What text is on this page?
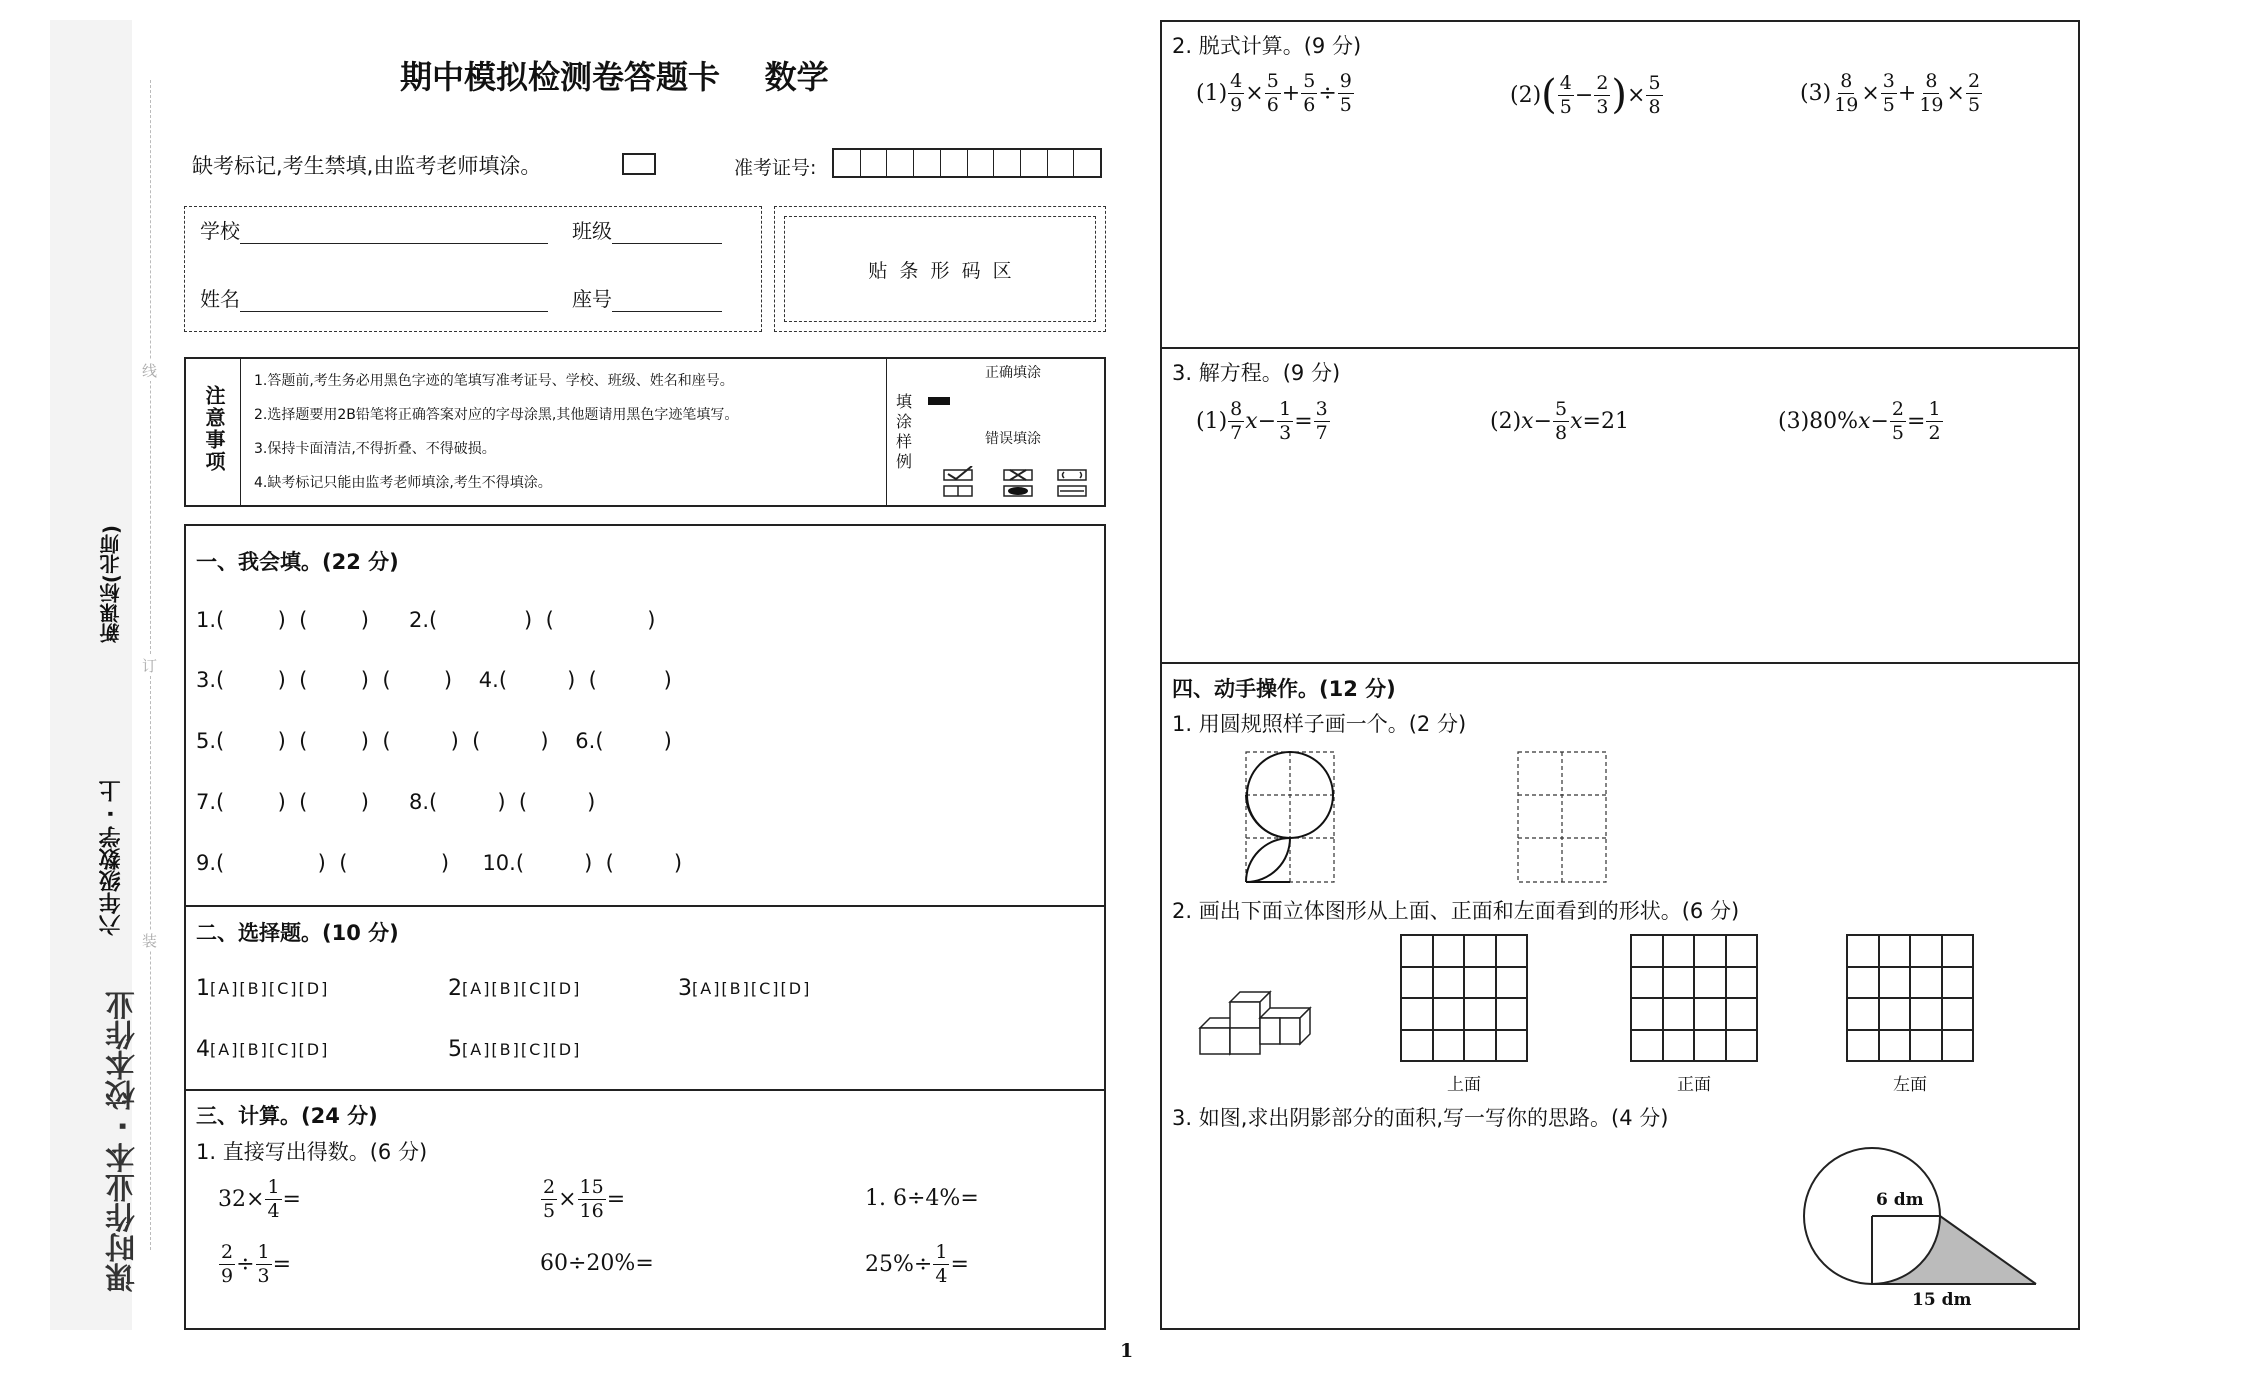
课时作业本 · 校本作业
六年级数学 · 上
新课标(北师)
线
订
装
期中模拟检测卷答题卡    数学
缺考标记,考生禁填,由监考老师填涂。	准考证号:
学校	班级
姓名	座号
贴  条  形  码  区
注意事项
1.答题前,考生务必用黑色字迹的笔填写准考证号、学校、班级、姓名和座号。
2.选择题要用2B铅笔将正确答案对应的字母涂黑,其他题请用黑色字迹笔填写。
3.保持卡面清洁,不得折叠、不得破损。
4.缺考标记只能由监考老师填涂,考生不得填涂。
填涂样例
正确填涂
错误填涂
一、我会填。(22 分)
1.(        )  (        )      2.(             )  (              )
3.(        )  (        )  (        )    4.(         )  (          )
5.(        )  (        )  (         )  (         )    6.(         )
7.(        )  (        )      8.(         )  (         )
9.(              )  (              )     10.(         )  (         )
二、选择题。(10 分)
1 [A][B][C][D]	2 [A][B][C][D]	3 [A][B][C][D]
4 [A][B][C][D]	5 [A][B][C][D]
三、计算。(24 分)
1. 直接写出得数。(6 分)
$32\times \frac{1}{4}$ =	$\frac{2}{5} \times \frac{15}{16}$ =	1. 6÷4%=
$\frac{2}{9} \div \frac{1}{3}$ =	60÷20%=	$25\%\div \frac{1}{4}$ =
2. 脱式计算。(9 分)
$(1) \frac{4}{9} \times \frac{5}{6} + \frac{5}{6} \div \frac{9}{5}$	(2) ( $\frac{4}{5} - \frac{2}{3}$ ) × $\frac{5}{8}$	$(3) \frac{8}{19} \times \frac{3}{5} + \frac{8}{19} \times \frac{2}{5}$
3. 解方程。(9 分)
$(1) \frac{8}{7}$ $x - \frac{1}{3} = \frac{3}{7}$	(2) $x - \frac{5}{8}$ x =21	(3)80% $x - \frac{2}{5} = \frac{1}{2}$
四、动手操作。(12 分)
1. 用圆规照样子画一个。(2 分)
2. 画出下面立体图形从上面、正面和左面看到的形状。(6 分)
上面	正面	左面
3. 如图,求出阴影部分的面积,写一写你的思路。(4 分)
6 dm
15 dm
1
